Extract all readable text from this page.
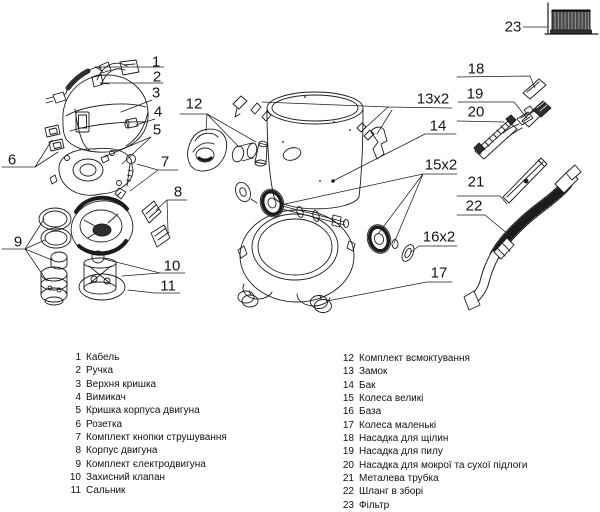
1
2
3
4
5
6	7
8
9
10
11
12	13x2
14
15x2
16x2
17
18
19
20
21
22
23
1 Кабель
2 Ручка
3 Верхня кришка
4 Вимикач
5 Кришка корпуса двигуна
6 Розетка
7 Комплект кнопки струшування
8 Корпус двигуна
9 Комплект єлектродвигуна
10 Захисний клапан
11 Сальник
12 Комплект всмоктування
13 Замок
14 Бак
15 Колеса великі
16 База
17 Колеса маленькі
18 Насадка для щілин
19 Насадка для пилу
20 Насадка для мокрої та сухої підлоги
21 Металева трубка
22 Шланг в зборі
23 Фільтр
